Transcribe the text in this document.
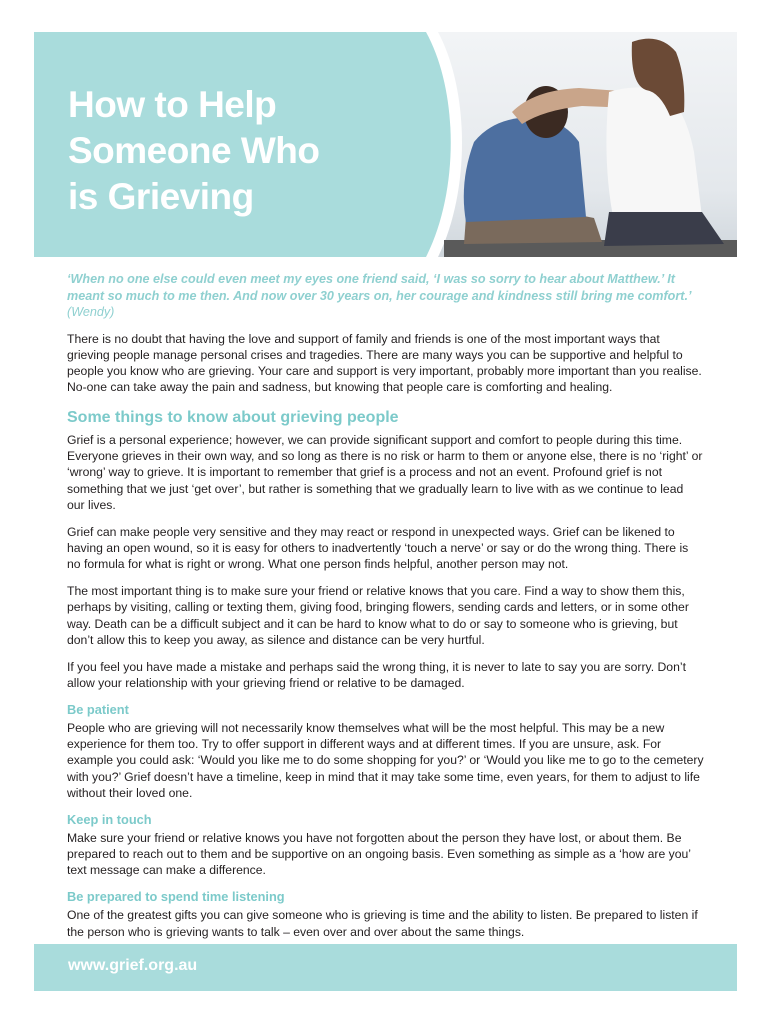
How to Help
Someone Who
is Grieving

‘When no one else could even meet my eyes one friend said, ‘I was so sorry to hear about Matthew.’ It meant so much to me then. And now over 30 years on, her courage and kindness still bring me comfort.’ (Wendy)

There is no doubt that having the love and support of family and friends is one of the most important ways that grieving people manage personal crises and tragedies. There are many ways you can be supportive and helpful to people you know who are grieving. Your care and support is very important, probably more important than you realise. No-one can take away the pain and sadness, but knowing that people care is comforting and healing.

Some things to know about grieving people

Grief is a personal experience; however, we can provide significant support and comfort to people during this time. Everyone grieves in their own way, and so long as there is no risk or harm to them or anyone else, there is no ‘right’ or ‘wrong’ way to grieve. It is important to remember that grief is a process and not an event. Profound grief is not something that we just ‘get over’, but rather is something that we gradually learn to live with as we continue to lead our lives.

Grief can make people very sensitive and they may react or respond in unexpected ways. Grief can be likened to having an open wound, so it is easy for others to inadvertently ‘touch a nerve’ or say or do the wrong thing. There is no formula for what is right or wrong. What one person finds helpful, another person may not.

The most important thing is to make sure your friend or relative knows that you care. Find a way to show them this, perhaps by visiting, calling or texting them, giving food, bringing flowers, sending cards and letters, or in some other way. Death can be a difficult subject and it can be hard to know what to do or say to someone who is grieving, but don’t allow this to keep you away, as silence and distance can be very hurtful.

If you feel you have made a mistake and perhaps said the wrong thing, it is never to late to say you are sorry. Don’t allow your relationship with your grieving friend or relative to be damaged.

Be patient

People who are grieving will not necessarily know themselves what will be the most helpful. This may be a new experience for them too. Try to offer support in different ways and at different times. If you are unsure, ask. For example you could ask: ‘Would you like me to do some shopping for you?’ or ‘Would you like me to go to the cemetery with you?’ Grief doesn’t have a timeline, keep in mind that it may take some time, even years, for them to adjust to life without their loved one.

Keep in touch

Make sure your friend or relative knows you have not forgotten about the person they have lost, or about them. Be prepared to reach out to them and be supportive on an ongoing basis. Even something as simple as a ‘how are you’ text message can make a difference.

Be prepared to spend time listening

One of the greatest gifts you can give someone who is grieving is time and the ability to listen. Be prepared to listen if the person who is grieving wants to talk – even over and over about the same things.

www.grief.org.au
